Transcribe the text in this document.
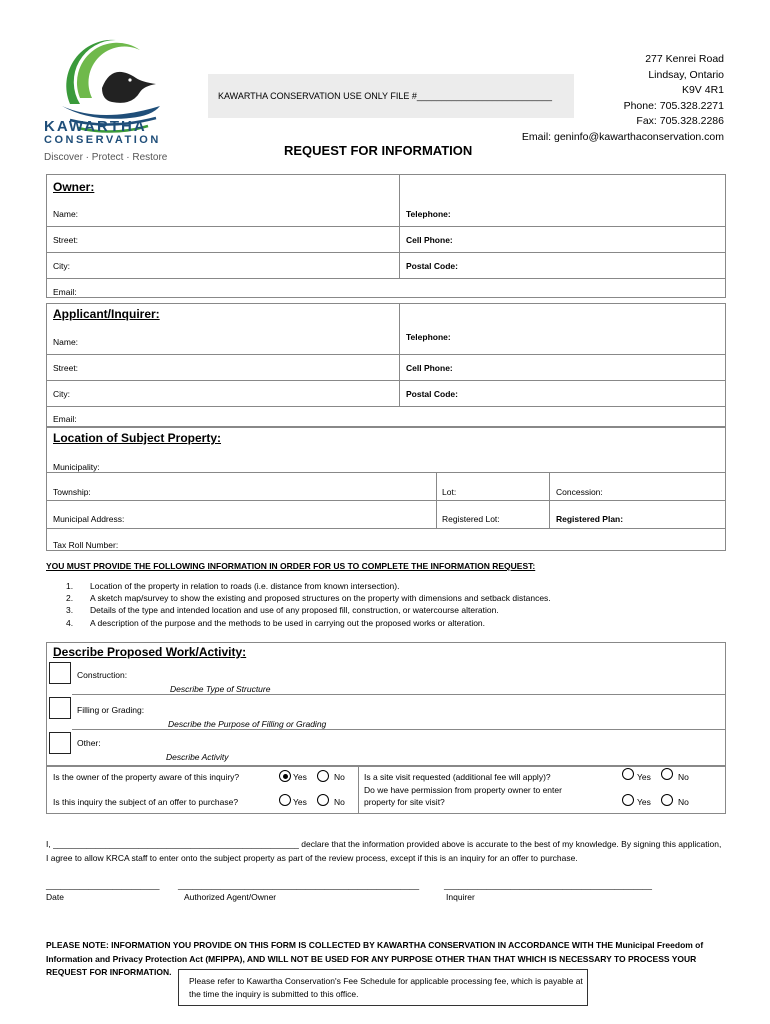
KAWARTHA
CONSERVATION
Discover · Protect · Restore
KAWARTHA CONSERVATION USE ONLY FILE #___________________________
REQUEST FOR INFORMATION
277 Kenrei Road
Lindsay, Ontario
K9V 4R1
Phone: 705.328.2271
Fax: 705.328.2286
Email: geninfo@kawarthaconservation.com
Owner:
Name:	Telephone:
Street:	Cell Phone:
City:	Postal Code:
Email:
Applicant/Inquirer:
Name:	Telephone:
Street:	Cell Phone:
City:	Postal Code:
Email:
Location of Subject Property:
Municipality:
Township:	Lot:	Concession:
Municipal Address:	Registered Lot:	Registered Plan:
Tax Roll Number:
YOU MUST PROVIDE THE FOLLOWING INFORMATION IN ORDER FOR US TO COMPLETE THE INFORMATION REQUEST:
1. Location of the property in relation to roads (i.e. distance from known intersection).
2. A sketch map/survey to show the existing and proposed structures on the property with dimensions and setback distances.
3. Details of the type and intended location and use of any proposed fill, construction, or watercourse alteration.
4. A description of the purpose and the methods to be used in carrying out the proposed works or alteration.
Describe Proposed Work/Activity:
Construction:
Describe Type of Structure
Filling or Grading:
Describe the Purpose of Filling or Grading
Other:
Describe Activity
Is the owner of the property aware of this inquiry?	Yes	No
Is this inquiry the subject of an offer to purchase?	Yes	No
Is a site visit requested (additional fee will apply)?	Yes	No
Do we have permission from property owner to enter
property for site visit?	Yes	No
I, ____________________________________________________ declare that the information provided above is accurate to the best of my knowledge. By signing this application, I agree to allow KRCA staff to enter onto the subject property as part of the review process, except if this is an inquiry for an offer to purchase.
________________________
Date
___________________________________________________
Authorized Agent/Owner
____________________________________________
Inquirer
PLEASE NOTE: INFORMATION YOU PROVIDE ON THIS FORM IS COLLECTED BY KAWARTHA CONSERVATION IN ACCORDANCE WITH THE Municipal Freedom of Information and Privacy Protection Act (MFIPPA), AND WILL NOT BE USED FOR ANY PURPOSE OTHER THAN THAT WHICH IS NECESSARY TO PROCESS YOUR REQUEST FOR INFORMATION.
Please refer to Kawartha Conservation's Fee Schedule for applicable processing fee, which is payable at the time the inquiry is submitted to this office.
